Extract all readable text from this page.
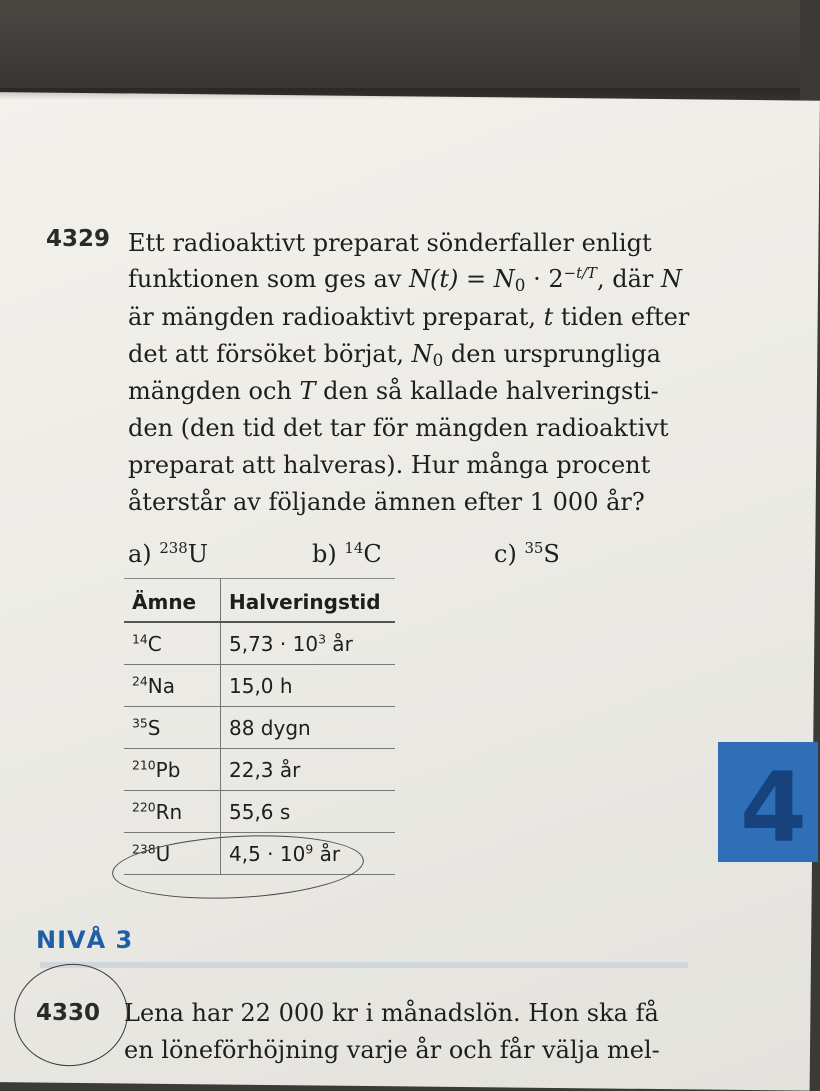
4
4329 Ett radioaktivt preparat sönderfaller enligt
funktionen som ges av $N(t) = N_0 \cdot 2^{-t/T}$, där N
är mängden radioaktivt preparat, t tiden efter
det att försöket börjat, $N_0$ den ursprungliga
mängden och T den så kallade halveringsti-
den (den tid det tar för mängden radioaktivt
preparat att halveras). Hur många procent
återstår av följande ämnen efter 1 000 år?
a) $^{238}$U	b) $^{14}$C	c) $^{35}$S
Ämne	Halveringstid
$^{14}$C	$5,73 \cdot 10^3$ år
$^{24}$Na	15,0 h
$^{35}$S	88 dygn
$^{210}$Pb	22,3 år
$^{220}$Rn	55,6 s
$^{238}$U	$4,5 \cdot 10^9$ år
NIVÅ 3
4330 Lena har 22 000 kr i månadslön. Hon ska få
en löneförhöjning varje år och får välja mel-
